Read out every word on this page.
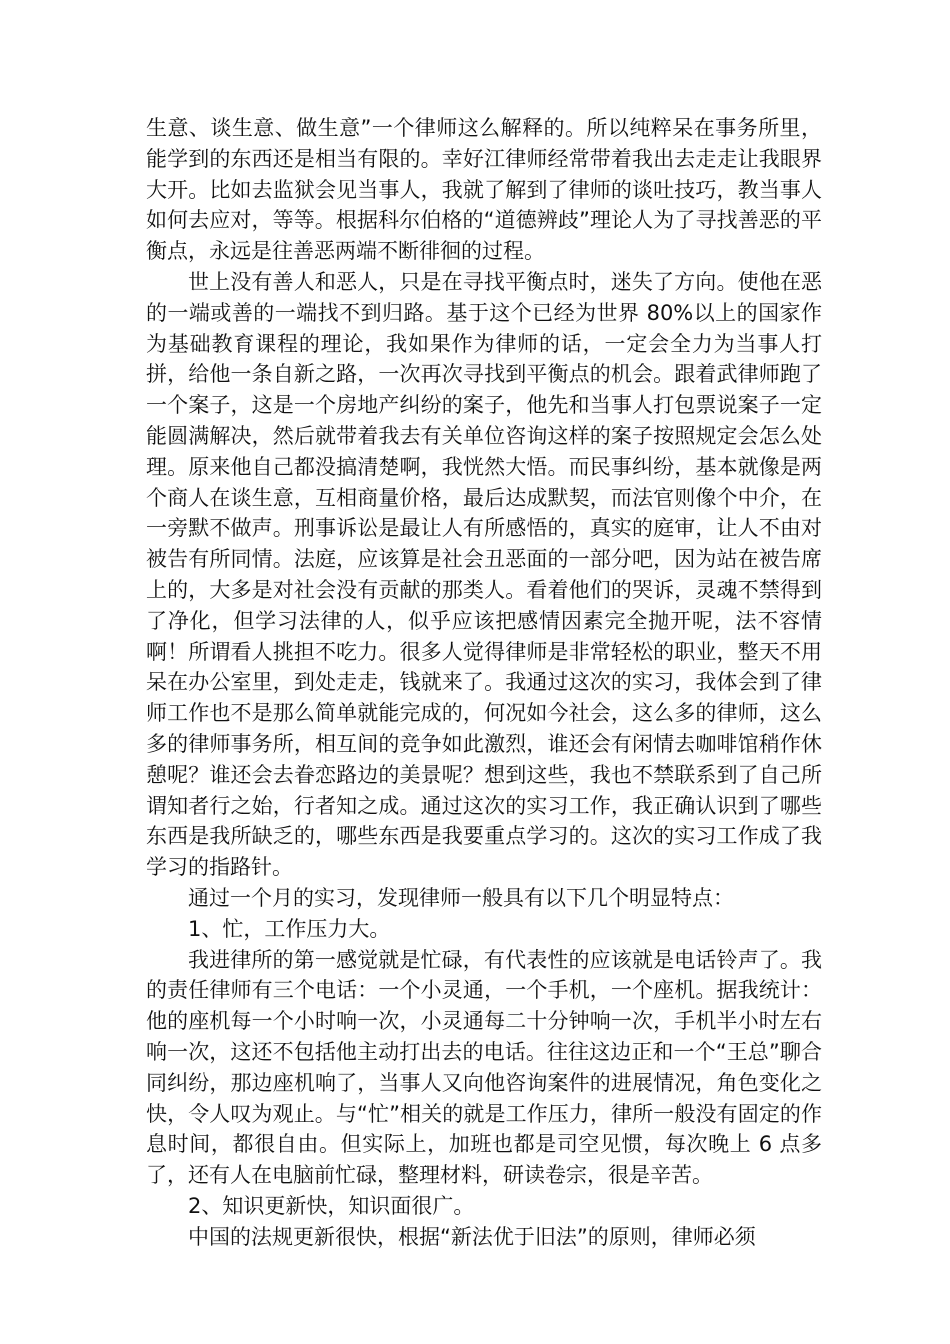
生意、谈生意、做生意”一个律师这么解释的。所以纯粹呆在事务所里，能学到的东西还是相当有限的。幸好江律师经常带着我出去走走让我眼界大开。比如去监狱会见当事人，我就了解到了律师的谈吐技巧，教当事人如何去应对，等等。根据科尔伯格的“道德辨歧”理论人为了寻找善恶的平衡点，永远是往善恶两端不断徘徊的过程。

世上没有善人和恶人，只是在寻找平衡点时，迷失了方向。使他在恶的一端或善的一端找不到归路。基于这个已经为世界 80%以上的国家作为基础教育课程的理论，我如果作为律师的话，一定会全力为当事人打拼，给他一条自新之路，一次再次寻找到平衡点的机会。跟着武律师跑了一个案子，这是一个房地产纠纷的案子，他先和当事人打包票说案子一定能圆满解决，然后就带着我去有关单位咨询这样的案子按照规定会怎么处理。原来他自己都没搞清楚啊，我恍然大悟。而民事纠纷，基本就像是两个商人在谈生意，互相商量价格，最后达成默契，而法官则像个中介，在一旁默不做声。刑事诉讼是最让人有所感悟的，真实的庭审，让人不由对被告有所同情。法庭，应该算是社会丑恶面的一部分吧，因为站在被告席上的，大多是对社会没有贡献的那类人。看着他们的哭诉，灵魂不禁得到了净化，但学习法律的人，似乎应该把感情因素完全抛开呢，法不容情啊！所谓看人挑担不吃力。很多人觉得律师是非常轻松的职业，整天不用呆在办公室里，到处走走，钱就来了。我通过这次的实习，我体会到了律师工作也不是那么简单就能完成的，何况如今社会，这么多的律师，这么多的律师事务所，相互间的竞争如此激烈，谁还会有闲情去咖啡馆稍作休憩呢？谁还会去眷恋路边的美景呢？想到这些，我也不禁联系到了自己所谓知者行之始，行者知之成。通过这次的实习工作，我正确认识到了哪些东西是我所缺乏的，哪些东西是我要重点学习的。这次的实习工作成了我学习的指路针。

通过一个月的实习，发现律师一般具有以下几个明显特点：

1、忙，工作压力大。

我进律所的第一感觉就是忙碌，有代表性的应该就是电话铃声了。我的责任律师有三个电话：一个小灵通，一个手机，一个座机。据我统计：他的座机每一个小时响一次，小灵通每二十分钟响一次，手机半小时左右响一次，这还不包括他主动打出去的电话。往往这边正和一个“王总”聊合同纠纷，那边座机响了，当事人又向他咨询案件的进展情况，角色变化之快，令人叹为观止。与“忙”相关的就是工作压力，律所一般没有固定的作息时间，都很自由。但实际上，加班也都是司空见惯，每次晚上 6 点多了，还有人在电脑前忙碌，整理材料，研读卷宗，很是辛苦。

2、知识更新快，知识面很广。

中国的法规更新很快，根据“新法优于旧法”的原则，律师必须
